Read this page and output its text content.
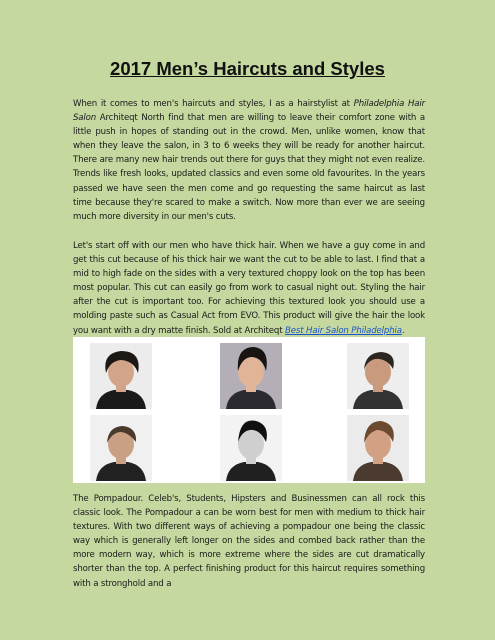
2017 Men’s Haircuts and Styles

When it comes to men's haircuts and styles, I as a hairstylist at Philadelphia Hair Salon Architeqt North find that men are willing to leave their comfort zone with a little push in hopes of standing out in the crowd. Men, unlike women, know that when they leave the salon, in 3 to 6 weeks they will be ready for another haircut. There are many new hair trends out there for guys that they might not even realize. Trends like fresh looks, updated classics and even some old favourites. In the years passed we have seen the men come and go requesting the same haircut as last time because they're scared to make a switch. Now more than ever we are seeing much more diversity in our men's cuts.

Let's start off with our men who have thick hair. When we have a guy come in and get this cut because of his thick hair we want the cut to be able to last. I find that a mid to high fade on the sides with a very textured choppy look on the top has been most popular. This cut can easily go from work to casual night out. Styling the hair after the cut is important too. For achieving this textured look you should use a molding paste such as Casual Act from EVO. This product will give the hair the look you want with a dry matte finish. Sold at Architeqt Best Hair Salon Philadelphia.

The Pompadour. Celeb's, Students, Hipsters and Businessmen can all rock this classic look. The Pompadour a can be worn best for men with medium to thick hair textures. With two different ways of achieving a pompadour one being the classic way which is generally left longer on the sides and combed back rather than the more modern way, which is more extreme where the sides are cut dramatically shorter than the top. A perfect finishing product for this haircut requires something with a stronghold and a
